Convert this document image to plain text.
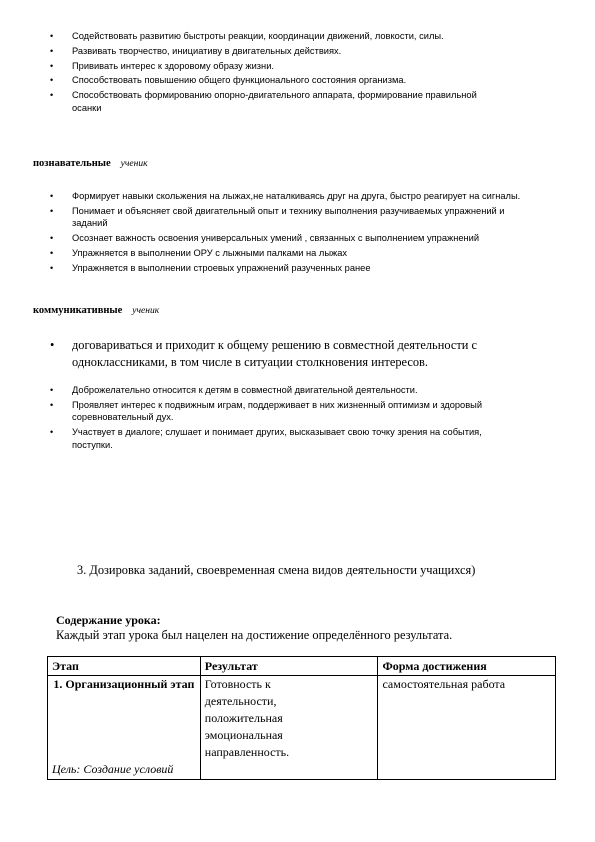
• Содействовать развитию быстроты реакции, координации движений, ловкости, силы.
• Развивать творчество, инициативу в двигательных действиях.
• Прививать интерес к здоровому образу жизни.
• Способствовать повышению общего функционального состояния организма.
• Способствовать формированию опорно-двигательного аппарата, формирование правильной осанки
познавательные ученик
• Формирует навыки скольжения на лыжах,не наталкиваясь друг на друга, быстро реагирует на сигналы.
• Понимает и объясняет свой двигательный опыт и технику выполнения разучиваемых упражнений и заданий
• Осознает важность освоения универсальных умений , связанных с выполнением упражнений
• Упражняется в выполнении ОРУ с лыжными палками на лыжах
• Упражняется в выполнении строевых упражнений разученных ранее
коммуникативные ученик
•	договариваться и приходит к общему решению в совместной деятельности с одноклассниками, в том числе в ситуации столкновения интересов.
• Доброжелательно относится к детям в совместной двигательной деятельности.
• Проявляет интерес к подвижным играм, поддерживает в них жизненный оптимизм и здоровый соревновательный дух.
• Участвует в диалоге; слушает и понимает других, высказывает свою точку зрения на события, поступки.
3. Дозировка заданий, своевременная смена видов деятельности учащихся)
Содержание урока:
Каждый этап урока был нацелен на достижение определённого результата.
Этап	Результат	Форма достижения

1. Организационный этап
Цель: Создание условий	Готовность к деятельности, положительная эмоциональная направленность.	самостоятельная работа
